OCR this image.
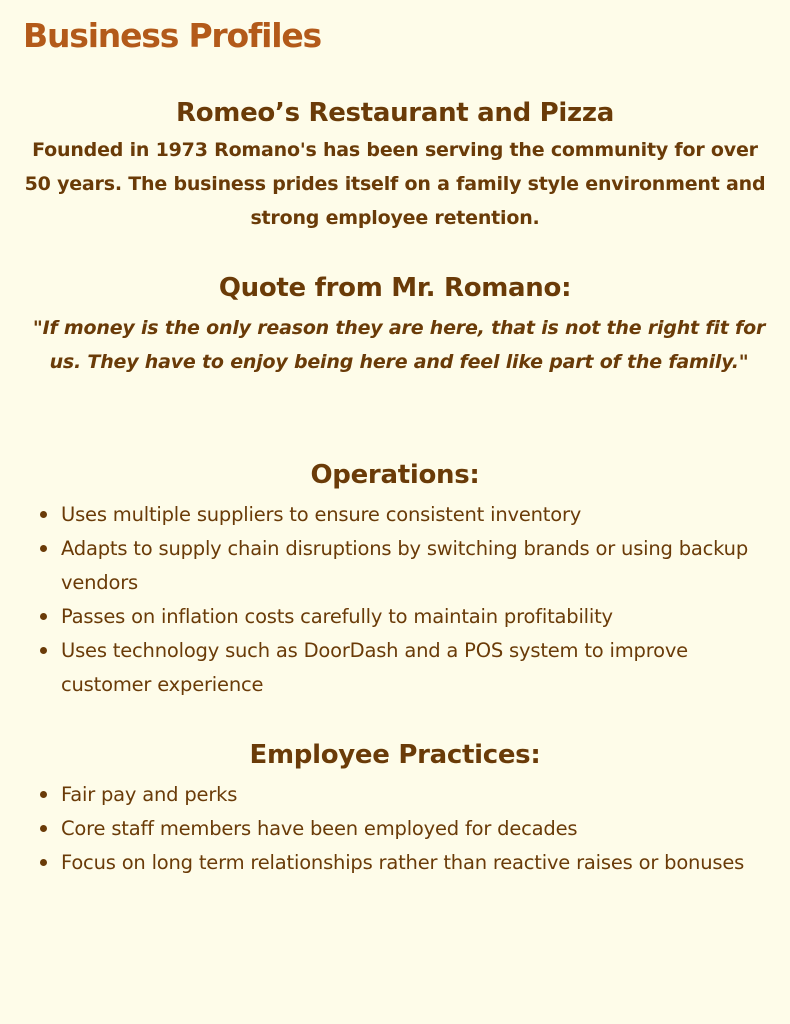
Business Profiles
Romeo’s Restaurant and Pizza

Founded in 1973 Romano's has been serving the community for over 50 years. The business prides itself on a family style environment and strong employee retention.

Quote from Mr. Romano:

"If money is the only reason they are here, that is not the right fit for us. They have to enjoy being here and feel like part of the family."

Operations:
Uses multiple suppliers to ensure consistent inventory
Adapts to supply chain disruptions by switching brands or using backup vendors
Passes on inflation costs carefully to maintain profitability
Uses technology such as DoorDash and a POS system to improve customer experience
Employee Practices:
Fair pay and perks
Core staff members have been employed for decades
Focus on long term relationships rather than reactive raises or bonuses
